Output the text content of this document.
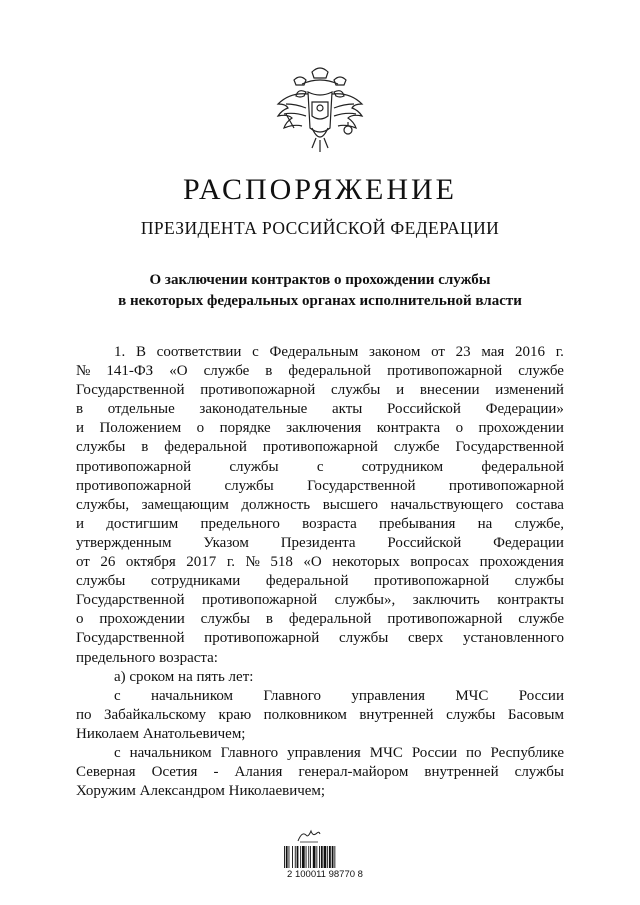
РАСПОРЯЖЕНИЕ
ПРЕЗИДЕНТА РОССИЙСКОЙ ФЕДЕРАЦИИ
О заключении контрактов о прохождении службы
в некоторых федеральных органах исполнительной власти
1. В соответствии с Федеральным законом от 23 мая 2016 г.
№ 141-ФЗ «О службе в федеральной противопожарной службе
Государственной противопожарной службы и внесении изменений
в отдельные законодательные акты Российской Федерации»
и Положением о порядке заключения контракта о прохождении
службы в федеральной противопожарной службе Государственной
противопожарной	службы	с	сотрудником	федеральной
противопожарной службы Государственной противопожарной
службы, замещающим должность высшего начальствующего состава
и достигшим предельного возраста пребывания на службе,
утвержденным Указом Президента Российской Федерации
от 26 октября 2017 г. № 518 «О некоторых вопросах прохождения
службы сотрудниками федеральной противопожарной службы
Государственной противопожарной службы», заключить контракты
о прохождении службы в федеральной противопожарной службе
Государственной противопожарной службы сверх установленного
предельного возраста:
а) сроком на пять лет:
с начальником Главного управления МЧС России
по Забайкальскому краю полковником внутренней службы Басовым
Николаем Анатольевичем;
с начальником Главного управления МЧС России по Республике
Северная Осетия - Алания генерал-майором внутренней службы
Хоружим Александром Николаевичем;
2 100011 98770 8
